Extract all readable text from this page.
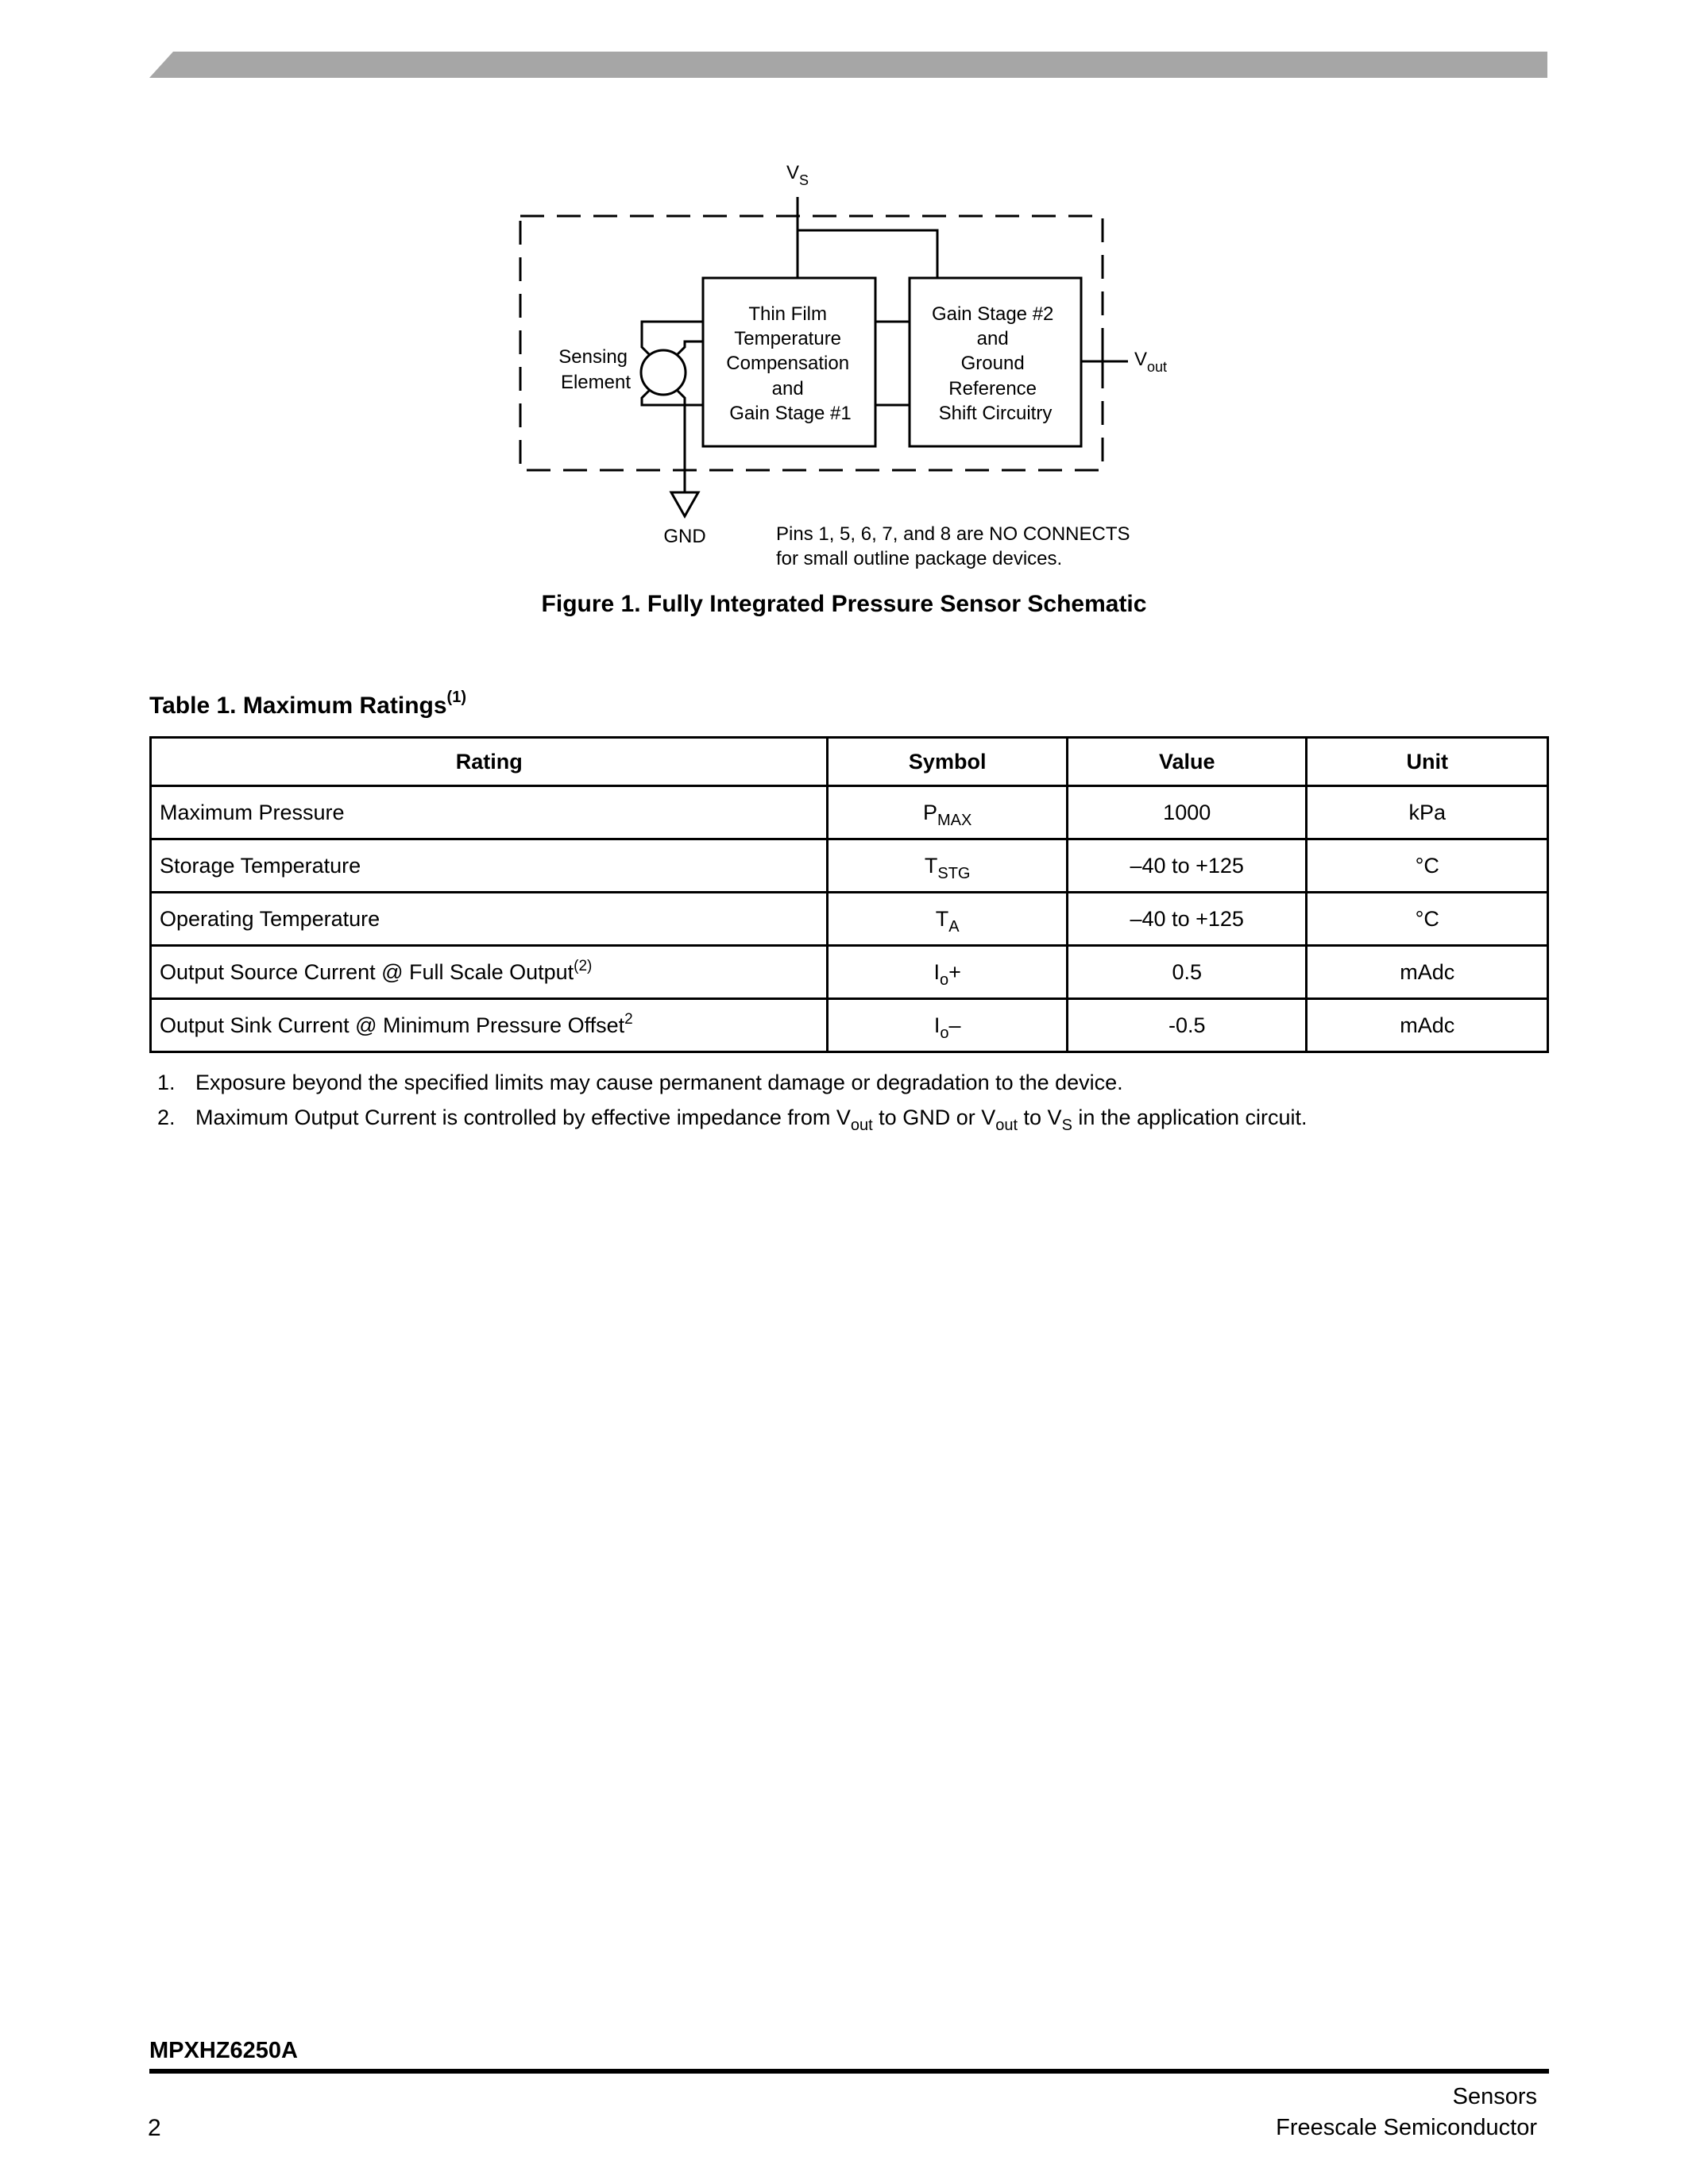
$V_S$
Thin Film Temperature Compensation and Gain Stage #1
Gain Stage #2 and Ground Reference Shift Circuitry
$V_{out}$
Sensing Element
GND	Pins 1, 5, 6, 7, and 8 are NO CONNECTS for small outline package devices.
Figure 1. Fully Integrated Pressure Sensor Schematic
Table 1. Maximum Ratings$^{(1)}$
Rating	Symbol	Value	Unit
Maximum Pressure	$P_{MAX}$	1000	kPa
Storage Temperature	$T_{STG}$	–40 to +125	°C
Operating Temperature	$T_A$	–40 to +125	°C
Output Source Current @ Full Scale Output$^{(2)}$	$I_o+$	0.5	mAdc
Output Sink Current @ Minimum Pressure Offset$^2$	$I_o-$	-0.5	mAdc
1. Exposure beyond the specified limits may cause permanent damage or degradation to the device.
2. Maximum Output Current is controlled by effective impedance from $V_{out}$ to GND or $V_{out}$ to $V_S$ in the application circuit.
MPXHZ6250A
Sensors
Freescale Semiconductor
2
